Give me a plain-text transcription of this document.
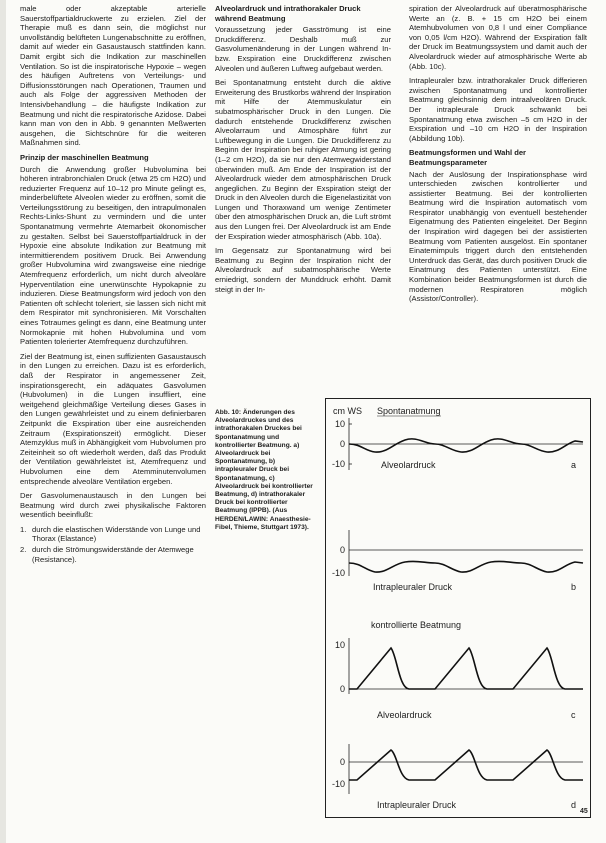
male oder akzeptable arterielle Sauerstoffpartialdruckwerte zu erzielen. Ziel der Therapie muß es dann sein, die möglichst nur unvollständig belüfteten Lungenabschnitte zu eröffnen, damit auf wieder ein Gasaustausch stattfinden kann. Damit ergibt sich die Indikation zur maschinellen Ventilation. So ist die inspiratorische Hypoxie – wegen des häufigen Auftretens von Verteilungs- und Diffusionsstörungen nach Operationen, Traumen und auch als Folge der aggressiven Methoden der Intensivbehandlung – die häufigste Indikation zur Beatmung und nicht die respiratorische Azidose. Dabei kann man von den in Abb. 9 genannten Meßwerten ausgehen, die Sichtschnüre für die weiteren Maßnahmen sind.

Prinzip der maschinellen Beatmung

Durch die Anwendung großer Hubvolumina bei höheren intrabronchialen Druck (etwa 25 cm H2O) und reduzierter Frequenz auf 10–12 pro Minute gelingt es, minderbelüftete Alveolen wieder zu eröffnen, somit die Verteilungsstörung zu beseitigen, den intrapulmonalen Rechts-Links-Shunt zu vermindern und die unter Spontanatmung vermehrte Atemarbeit ökonomischer zu gestalten. Selbst bei Sauerstoffpartialdruck in der Hypoxie eine absolute Indikation zur Beatmung mit intermittierendem positivem Druck. Bei Anwendung großer Hubvolumina wird zwangsweise eine niedrige Atemfrequenz erforderlich, um nicht durch alveoläre Hyperventilation eine unerwünschte Hypokapnie zu induzieren. Diese Beatmungsform wird jedoch von den Patienten oft schlecht toleriert, sie lassen sich nicht mit dem Respirator mit synchronisieren. Mit Vorschalten eines Totraumes gelingt es dann, eine Beatmung unter Normokapnie mit hohen Hubvolumina und vom Patienten tolerierter Atemfrequenz durchzuführen.

Ziel der Beatmung ist, einen suffizienten Gasaustausch in den Lungen zu erreichen. Dazu ist es erforderlich, daß der Respirator in angemessener Zeit, inspirationsgerecht, ein adäquates Gasvolumen (Hubvolumen) in die Lungen insuffliert, eine weitgehend gleichmäßige Verteilung dieses Gases in den Lungen gewährleistet und zu einem definierbaren Zeitpunkt die Exspiration über eine ausreichenden Zeitraum (Exspirationszeit) ermöglicht. Dieser Atemzyklus muß in Abhängigkeit vom Hubvolumen pro Zeiteinheit so oft wiederholt werden, daß das Produkt der Ventilation gewährleistet ist, Atemfrequenz und Hubvolumen eine dem Atemminutenvolumen entsprechende alveoläre Ventilation ergeben.

Der Gasvolumenaustausch in den Lungen bei Beatmung wird durch zwei physikalische Faktoren wesentlich beeinflußt:

1. durch die elastischen Widerstände von Lunge und Thorax (Elastance)
2. durch die Strömungswiderstände der Atemwege (Resistance).
Alveolardruck und intrathorakaler Druck während Beatmung

Voraussetzung jeder Gasströmung ist eine Druckdifferenz. Deshalb muß zur Gasvolumenänderung in der Lungen während In- bzw. Exspiration eine Druckdifferenz zwischen Alveolen und äußeren Luftweg aufgebaut werden.

Bei Spontanatmung entsteht durch die aktive Erweiterung des Brustkorbs während der Inspiration mit Hilfe der Atemmuskulatur ein subatmosphärischer Druck in den Lungen. Die dadurch entstehende Druckdifferenz zwischen Alveolarraum und Atmosphäre führt zur Luftbewegung in die Lungen. Die Druckdifferenz zu Beginn der Inspiration bei ruhiger Atmung ist gering (1–2 cm H2O), da sie nur den Atemwegwiderstand überwinden muß. Am Ende der Inspiration ist der Alveolardruck wieder dem atmosphärischen Druck angeglichen. Zu Beginn der Exspiration steigt der Druck in den Alveolen durch die Eigenelastizität von Lungen und Thoraxwand um wenige Zentimeter über den atmosphärischen Druck an, die Luft strömt aus den Lungen frei. Der Alveolardruck ist am Ende der Exspiration wieder atmosphärisch (Abb. 10a).

Im Gegensatz zur Spontanatmung wird bei Beatmung zu Beginn der Inspiration nicht der Alveolardruck auf subatmosphärische Werte erniedrigt, sondern der Munddruck erhöht. Damit steigt in der In-

spiration der Alveolardruck auf überatmosphärische Werte an (z. B. + 15 cm H2O bei einem Atemhubvolumen von 0,8 l und einer Compliance von 0,05 l/cm H2O). Während der Exspiration fällt der Druck im Beatmungssystem und damit auch der Alveolardruck wieder auf atmosphärische Werte ab (Abb. 10c).

Intrapleuraler bzw. intrathorakaler Druck differieren zwischen Spontanatmung und kontrollierter Beatmung gleichsinnig dem intraalveolären Druck. Der intrapleurale Druck schwankt bei Spontanatmung etwa zwischen –5 cm H2O in der Exspiration und –10 cm H2O in der Inspiration (Abbildung 10b).

Beatmungsformen und Wahl der Beatmungsparameter

Nach der Auslösung der Inspirationsphase wird unterschieden zwischen kontrollierter und assistierter Beatmung. Bei der kontrollierten Beatmung wird die Inspiration automatisch vom Respirator unabhängig von eventuell bestehender Eigenatmung des Patienten eingeleitet. Der Beginn der Inspiration wird dagegen bei der assistierten Beatmung vom Patienten ausgelöst. Ein spontaner Einatemimpuls triggert durch den entstehenden Unterdruck das Gerät, das durch positiven Druck die Einatmung des Patienten unterstützt. Eine Kombination beider Beatmungsformen ist durch die modernen Respiratoren möglich (Assistor/Controller).

Abb. 10: Änderungen des Alveolardruckes und des intrathorakalen Druckes bei Spontanatmung und kontrollierter Beatmung. a) Alveolardruck bei Spontanatmung, b) intrapleuraler Druck bei Spontanatmung, c) Alveolardruck bei kontrollierter Beatmung, d) intrathorakaler Druck bei kontrollierter Beatmung (IPPB). (Aus HERDEN/LAWIN: Anaesthesie-Fibel, Thieme, Stuttgart 1973).

cm WS Spontanatmung
10
0
-10	Alveolardruck	a
0
-10
Intrapleuraler Druck	b
kontrollierte Beatmung
10
0
Alveolardruck	c
0
-10
Intrapleuraler Druck	d
45
